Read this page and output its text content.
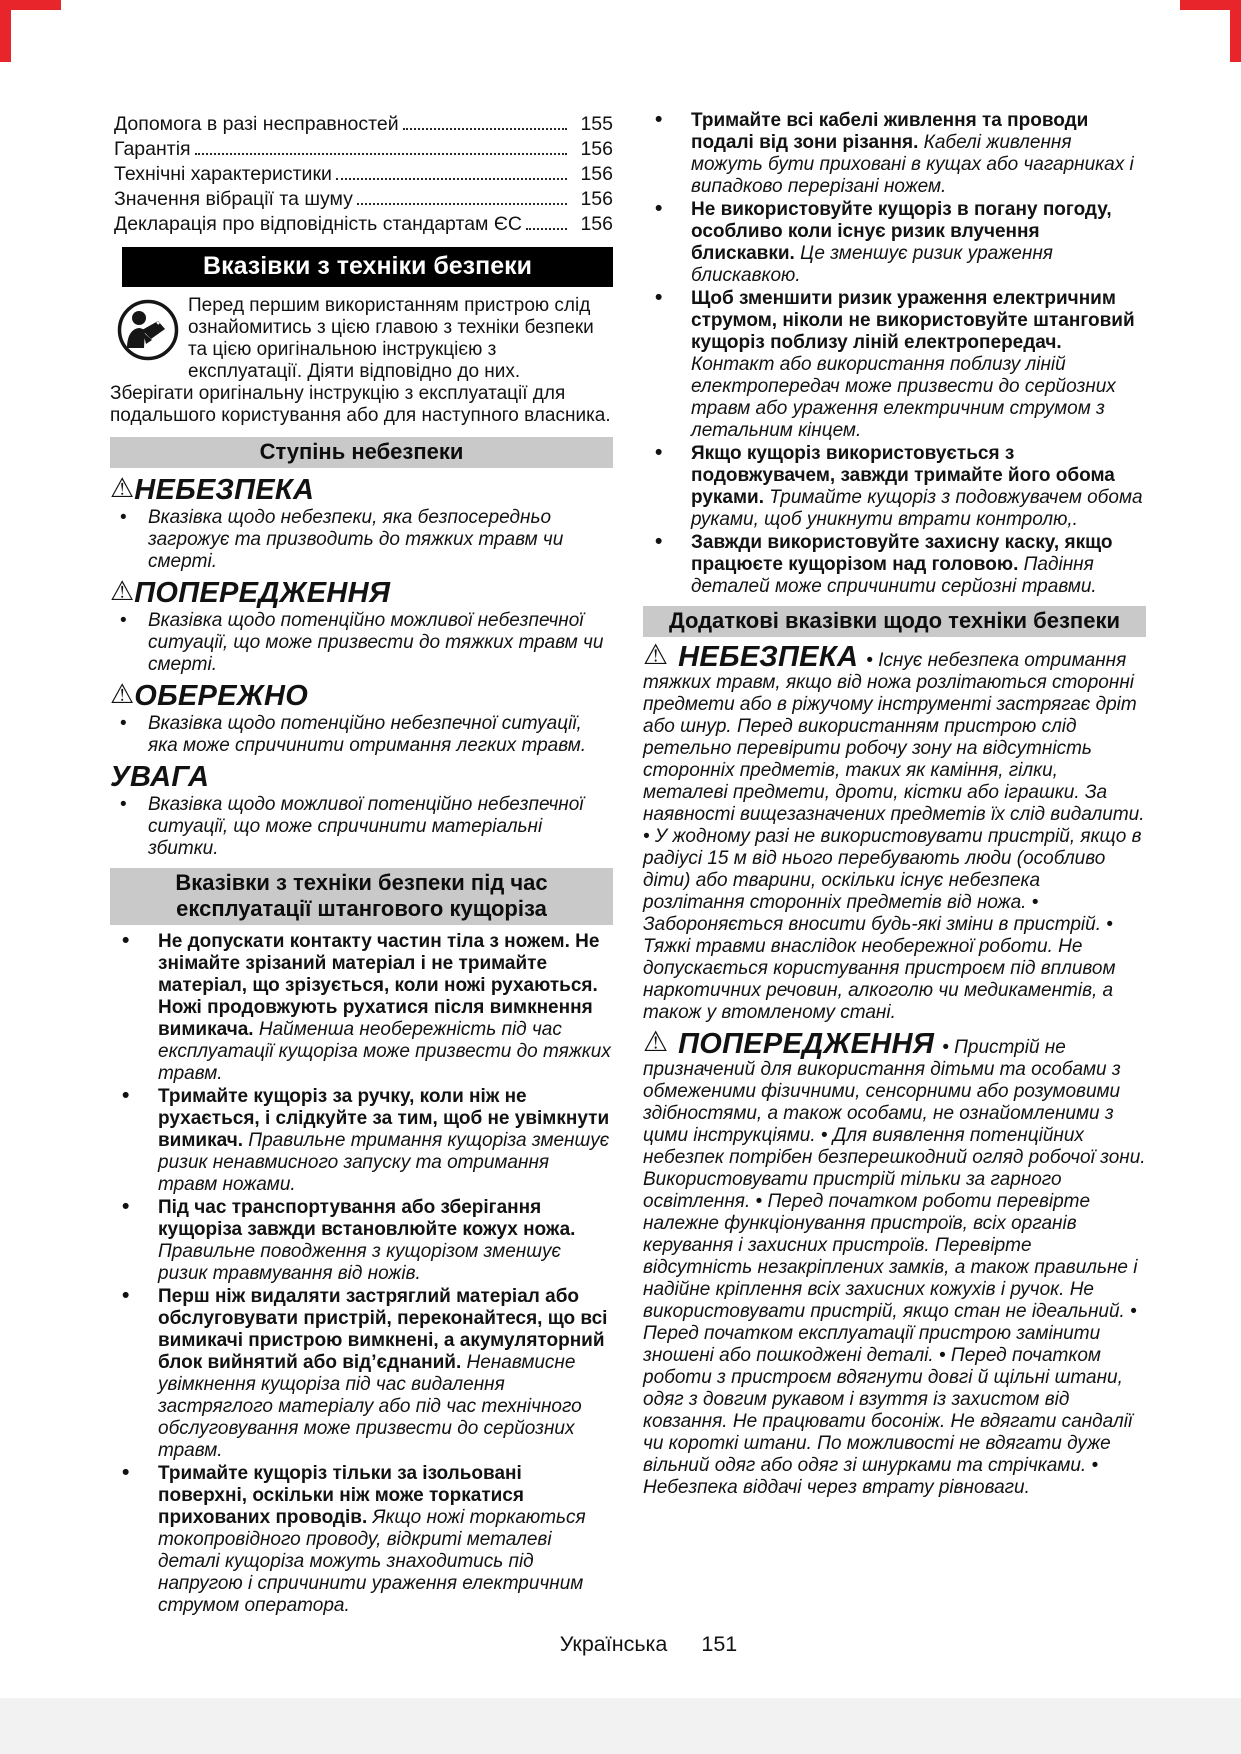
Допомога в разі несправностей	155
Гарантія	156
Технічні характеристики	156
Значення вібрації та шуму	156
Декларація про відповідність стандартам ЄС	156
Вказівки з техніки безпеки

Перед першим використанням пристрою слід ознайомитись з цією главою з техніки безпеки та цією оригінальною інструкцією з експлуатації. Діяти відповідно до них.

Зберігати оригінальну інструкцію з експлуатації для подальшого користування або для наступного власника.

Ступінь небезпеки
⚠НЕБЕЗПЕКА

• Вказівка щодо небезпеки, яка безпосередньо загрожує та призводить до тяжких травм чи смерті.

⚠ПОПЕРЕДЖЕННЯ

• Вказівка щодо потенційно можливої небезпечної ситуації, що може призвести до тяжких травм чи смерті.

⚠ОБЕРЕЖНО

• Вказівка щодо потенційно небезпечної ситуації, яка може спричинити отримання легких травм.

УВАГА

• Вказівка щодо можливої потенційно небезпечної ситуації, що може спричинити матеріальні збитки.

Вказівки з техніки безпеки під час експлуатації штангового кущоріза

• Не допускати контакту частин тіла з ножем. Не знімайте зрізаний матеріал і не тримайте матеріал, що зрізується, коли ножі рухаються. Ножі продовжують рухатися після вимкнення вимикача. Найменша необережність під час експлуатації кущоріза може призвести до тяжких травм.

• Тримайте кущоріз за ручку, коли ніж не рухається, і слідкуйте за тим, щоб не увімкнути вимикач. Правильне тримання кущоріза зменшує ризик ненавмисного запуску та отримання травм ножами.

• Під час транспортування або зберігання кущоріза завжди встановлюйте кожух ножа. Правильне поводження з кущорізом зменшує ризик травмування від ножів.

• Перш ніж видаляти застряглий матеріал або обслуговувати пристрій, переконайтеся, що всі вимикачі пристрою вимкнені, а акумуляторний блок вийнятий або від’єднаний. Ненавмисне увімкнення кущоріза під час видалення застряглого матеріалу або під час технічного обслуговування може призвести до серйозних травм.

• Тримайте кущоріз тільки за ізольовані поверхні, оскільки ніж може торкатися прихованих проводів. Якщо ножі торкаються токопровідного проводу, відкриті металеві деталі кущоріза можуть знаходитись під напругою і спричинити ураження електричним струмом оператора.

• Тримайте всі кабелі живлення та проводи подалі від зони різання. Кабелі живлення можуть бути приховані в кущах або чагарниках і випадково перерізані ножем.

• Не використовуйте кущоріз в погану погоду, особливо коли існує ризик влучення блискавки. Це зменшує ризик ураження блискавкою.

• Щоб зменшити ризик ураження електричним струмом, ніколи не використовуйте штанговий кущоріз поблизу ліній електропередач. Контакт або використання поблизу ліній електропередач може призвести до серйозних травм або ураження електричним струмом з летальним кінцем.

• Якщо кущоріз використовується з подовжувачем, завжди тримайте його обома руками. Тримайте кущоріз з подовжувачем обома руками, щоб уникнути втрати контролю,.

• Завжди використовуйте захисну каску, якщо працюєте кущорізом над головою. Падіння деталей може спричинити серйозні травми.

Додаткові вказівки щодо техніки безпеки

⚠НЕБЕЗПЕКА • Існує небезпека отримання тяжких травм, якщо від ножа розлітаються сторонні предмети або в ріжучому інструменті застрягає дріт або шнур. Перед використанням пристрою слід ретельно перевірити робочу зону на відсутність сторонніх предметів, таких як каміння, гілки, металеві предмети, дроти, кістки або іграшки. За наявності вищезазначених предметів їх слід видалити. • У жодному разі не використовувати пристрій, якщо в радіусі 15 м від нього перебувають люди (особливо діти) або тварини, оскільки існує небезпека розлітання сторонніх предметів від ножа. • Забороняється вносити будь-які зміни в пристрій. • Тяжкі травми внаслідок необережної роботи. Не допускається користування пристроєм під впливом наркотичних речовин, алкоголю чи медикаментів, а також у втомленому стані.

⚠ПОПЕРЕДЖЕННЯ • Пристрій не призначений для використання дітьми та особами з обмеженими фізичними, сенсорними або розумовими здібностями, а також особами, не ознайомленими з цими інструкціями. • Для виявлення потенційних небезпек потрібен безперешкодний огляд робочої зони. Використовувати пристрій тільки за гарного освітлення. • Перед початком роботи перевірте належне функціонування пристроїв, всіх органів керування і захисних пристроїв. Перевірте відсутність незакріплених замків, а також правильне і надійне кріплення всіх захисних кожухів і ручок. Не використовувати пристрій, якщо стан не ідеальний. • Перед початком експлуатації пристрою замінити зношені або пошкоджені деталі. • Перед початком роботи з пристроєм вдягнути довгі й щільні штани, одяг з довгим рукавом і взуття із захистом від ковзання. Не працювати босоніж. Не вдягати сандалії чи короткі штани. По можливості не вдягати дуже вільний одяг або одяг зі шнурками та стрічками. • Небезпека віддачі через втрату рівноваги.

Українська 151
